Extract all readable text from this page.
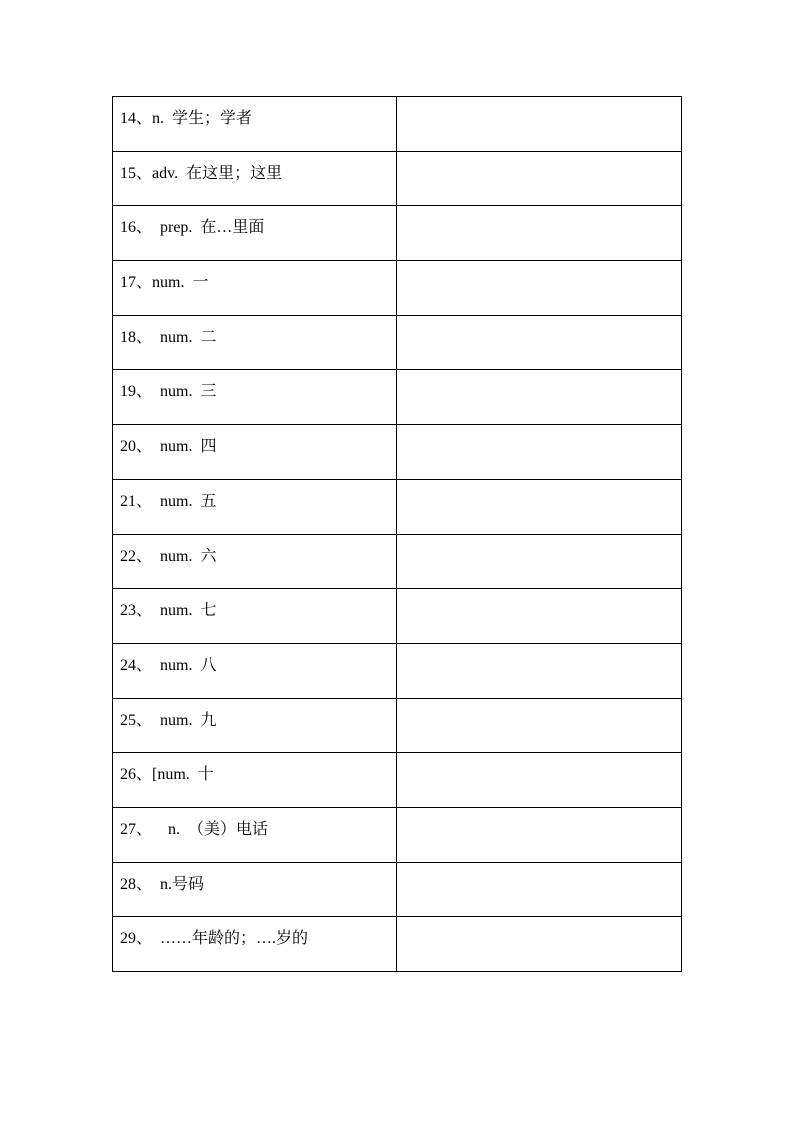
14、n.  学生；学者	

15、adv.  在这里；这里	

16、  prep.  在…里面	

17、num.  一	

18、  num.  二	

19、  num.  三	

20、  num.  四	

21、  num.  五	

22、  num.  六	

23、  num.  七	

24、  num.  八	

25、  num.  九	

26、[num.  十	

27、    n.  （美）电话	

28、  n.号码	

29、  ……年龄的；….岁的	
